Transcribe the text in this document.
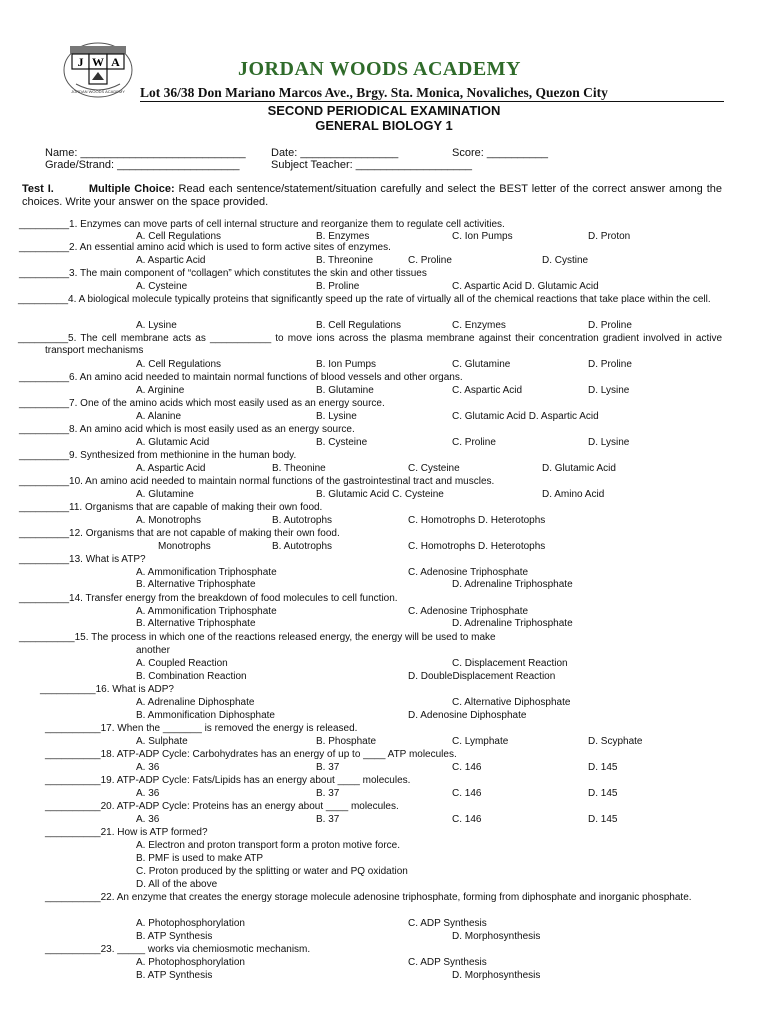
J W A
JORDAN WOODS ACADEMY
JORDAN WOODS ACADEMY
Lot 36/38 Don Mariano Marcos Ave., Brgy. Sta. Monica, Novaliches, Quezon City
SECOND PERIODICAL EXAMINATION
GENERAL BIOLOGY 1
Name: ___________________________ Date: ________________	Score: __________
Grade/Strand: ____________________	Subject Teacher: ___________________
Test I.	Multiple Choice: Read each sentence/statement/situation carefully and select the BEST letter of the correct answer among the choices. Write your answer on the space provided.
_________1. Enzymes can move parts of cell internal structure and reorganize them to regulate cell activities.
A. Cell Regulations	B. Enzymes	C. Ion Pumps	D. Proton
_________2. An essential amino acid which is used to form active sites of enzymes.
A. Aspartic Acid	B. Threonine	C. Proline	D. Cystine
_________3. The main component of “collagen” which constitutes the skin and other tissues
A. Cysteine	B. Proline	C. Aspartic Acid D. Glutamic Acid
_________4. A biological molecule typically proteins that significantly speed up the rate of virtually all of the chemical reactions that take place within the cell.
A. Lysine	B. Cell Regulations	C. Enzymes	D. Proline
_________5. The cell membrane acts as ___________ to move ions across the plasma membrane against their concentration gradient involved in active transport mechanisms
A. Cell Regulations	B. Ion Pumps	C. Glutamine	D. Proline
_________6. An amino acid needed to maintain normal functions of blood vessels and other organs.
A. Arginine	B. Glutamine	C. Aspartic Acid	D. Lysine
_________7. One of the amino acids which most easily used as an energy source.
A. Alanine	B. Lysine	C. Glutamic Acid D. Aspartic Acid
_________8. An amino acid which is most easily used as an energy source.
A. Glutamic Acid	B. Cysteine	C. Proline	D. Lysine
_________9. Synthesized from methionine in the human body.
A. Aspartic Acid	B. Theonine	C. Cysteine	D. Glutamic Acid
_________10. An amino acid needed to maintain normal functions of the gastrointestinal tract and muscles.
A. Glutamine	B. Glutamic Acid C. Cysteine	D. Amino Acid
_________11. Organisms that are capable of making their own food.
A. Monotrophs	B. Autotrophs	C. Homotrophs D. Heterotophs
_________12. Organisms that are not capable of making their own food.
Monotrophs	B. Autotrophs	C. Homotrophs D. Heterotophs
_________13. What is ATP?
A. Ammonification Triphosphate	C. Adenosine Triphosphate
B. Alternative Triphosphate	D. Adrenaline Triphosphate
_________14. Transfer energy from the breakdown of food molecules to cell function.
A. Ammonification Triphosphate	C. Adenosine Triphosphate
B. Alternative Triphosphate	D. Adrenaline Triphosphate
__________15. The process in which one of the reactions released energy, the energy will be used to make
another
A. Coupled Reaction	C. Displacement Reaction
B. Combination Reaction	D. DoubleDisplacement Reaction
__________16. What is ADP?
A. Adrenaline Diphosphate	C. Alternative Diphosphate
B. Ammonification Diphosphate	D. Adenosine Diphosphate
__________17. When the _______ is removed the energy is released.
A. Sulphate	B. Phosphate	C. Lymphate	D. Scyphate
__________18. ATP-ADP Cycle: Carbohydrates has an energy of up to ____ ATP molecules.
A. 36	B. 37	C. 146	D. 145
__________19. ATP-ADP Cycle: Fats/Lipids has an energy about ____ molecules.
A. 36	B. 37	C. 146	D. 145
__________20. ATP-ADP Cycle: Proteins has an energy about ____ molecules.
A. 36	B. 37	C. 146	D. 145
__________21. How is ATP formed?
A. Electron and proton transport form a proton motive force.
B. PMF is used to make ATP
C. Proton produced by the splitting or water and PQ oxidation
D. All of the above
__________22. An enzyme that creates the energy storage molecule adenosine triphosphate, forming from diphosphate and inorganic phosphate.
A. Photophosphorylation	C. ADP Synthesis
B. ATP Synthesis	D. Morphosynthesis
__________23. _____ works via chemiosmotic mechanism.
A. Photophosphorylation	C. ADP Synthesis
B. ATP Synthesis	D. Morphosynthesis
